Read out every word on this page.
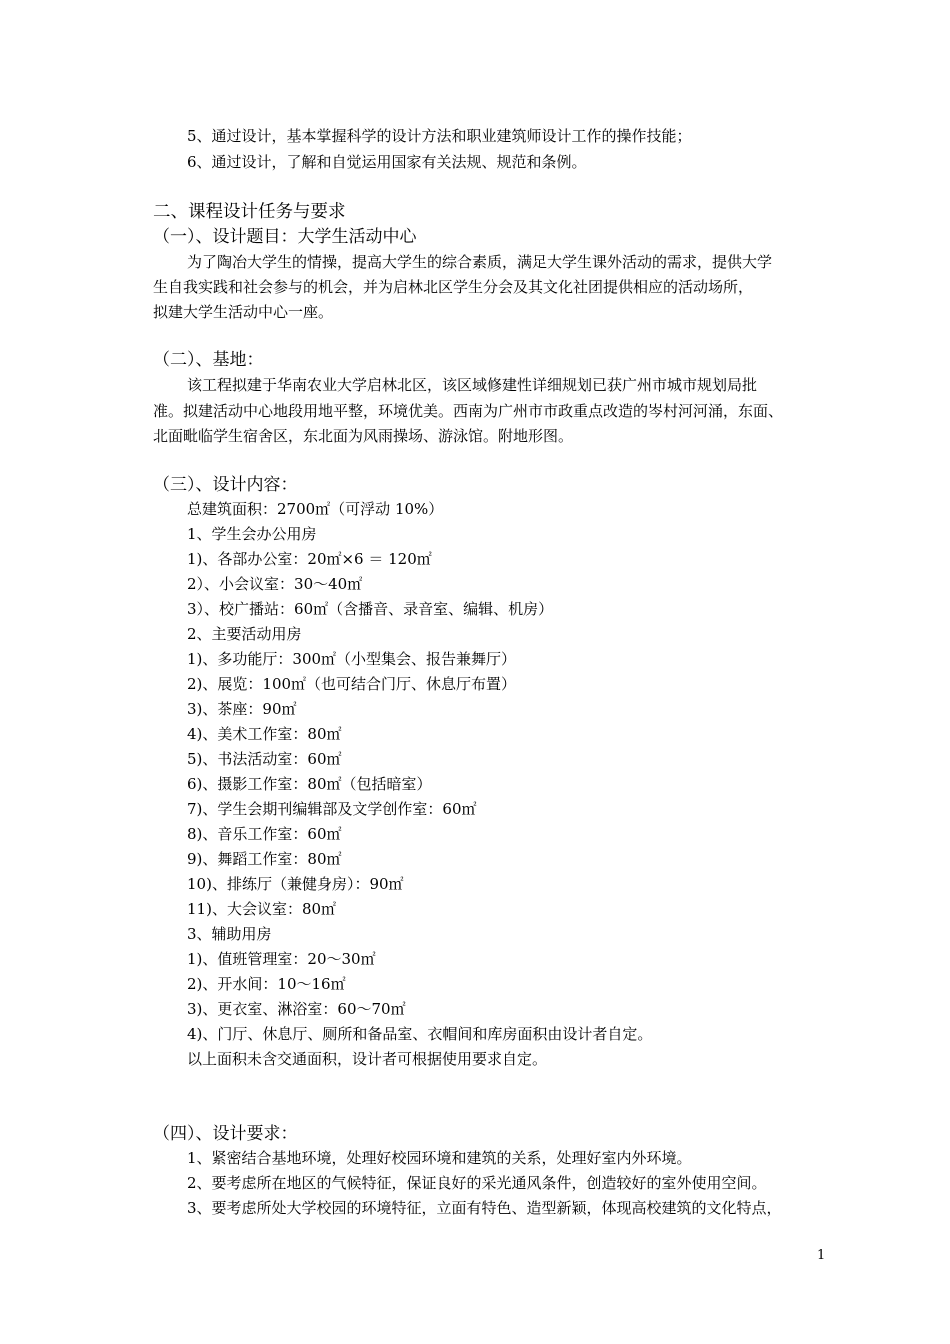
5、通过设计，基本掌握科学的设计方法和职业建筑师设计工作的操作技能；
6、通过设计，了解和自觉运用国家有关法规、规范和条例。
二、课程设计任务与要求
（一）、设计题目：大学生活动中心
为了陶冶大学生的情操，提高大学生的综合素质，满足大学生课外活动的需求，提供大学
生自我实践和社会参与的机会，并为启林北区学生分会及其文化社团提供相应的活动场所，
拟建大学生活动中心一座。
（二）、基地：
该工程拟建于华南农业大学启林北区，该区域修建性详细规划已获广州市城市规划局批
准。拟建活动中心地段用地平整，环境优美。西南为广州市市政重点改造的岑村河河涌，东面、
北面毗临学生宿舍区，东北面为风雨操场、游泳馆。附地形图。
（三）、设计内容：
总建筑面积：2700㎡（可浮动 10%）
1、学生会办公用房
1)、各部办公室：20㎡×6 ＝ 120㎡
2）、小会议室：30～40㎡
3）、校广播站：60㎡（含播音、录音室、编辑、机房）
2、主要活动用房
1)、多功能厅：300㎡（小型集会、报告兼舞厅）
2)、展览：100㎡（也可结合门厅、休息厅布置）
3)、茶座：90㎡
4)、美术工作室：80㎡
5)、书法活动室：60㎡
6)、摄影工作室：80㎡（包括暗室）
7)、学生会期刊编辑部及文学创作室：60㎡
8)、音乐工作室：60㎡
9)、舞蹈工作室：80㎡
10)、排练厅（兼健身房）：90㎡
11)、大会议室：80㎡
3、辅助用房
1)、值班管理室：20～30㎡
2)、开水间：10～16㎡
3)、更衣室、淋浴室：60～70㎡
4)、门厅、休息厅、厕所和备品室、衣帽间和库房面积由设计者自定。
以上面积未含交通面积，设计者可根据使用要求自定。
（四）、设计要求：
1、紧密结合基地环境，处理好校园环境和建筑的关系，处理好室内外环境。
2、要考虑所在地区的气候特征，保证良好的采光通风条件，创造较好的室外使用空间。
3、要考虑所处大学校园的环境特征，立面有特色、造型新颖，体现高校建筑的文化特点，
1
